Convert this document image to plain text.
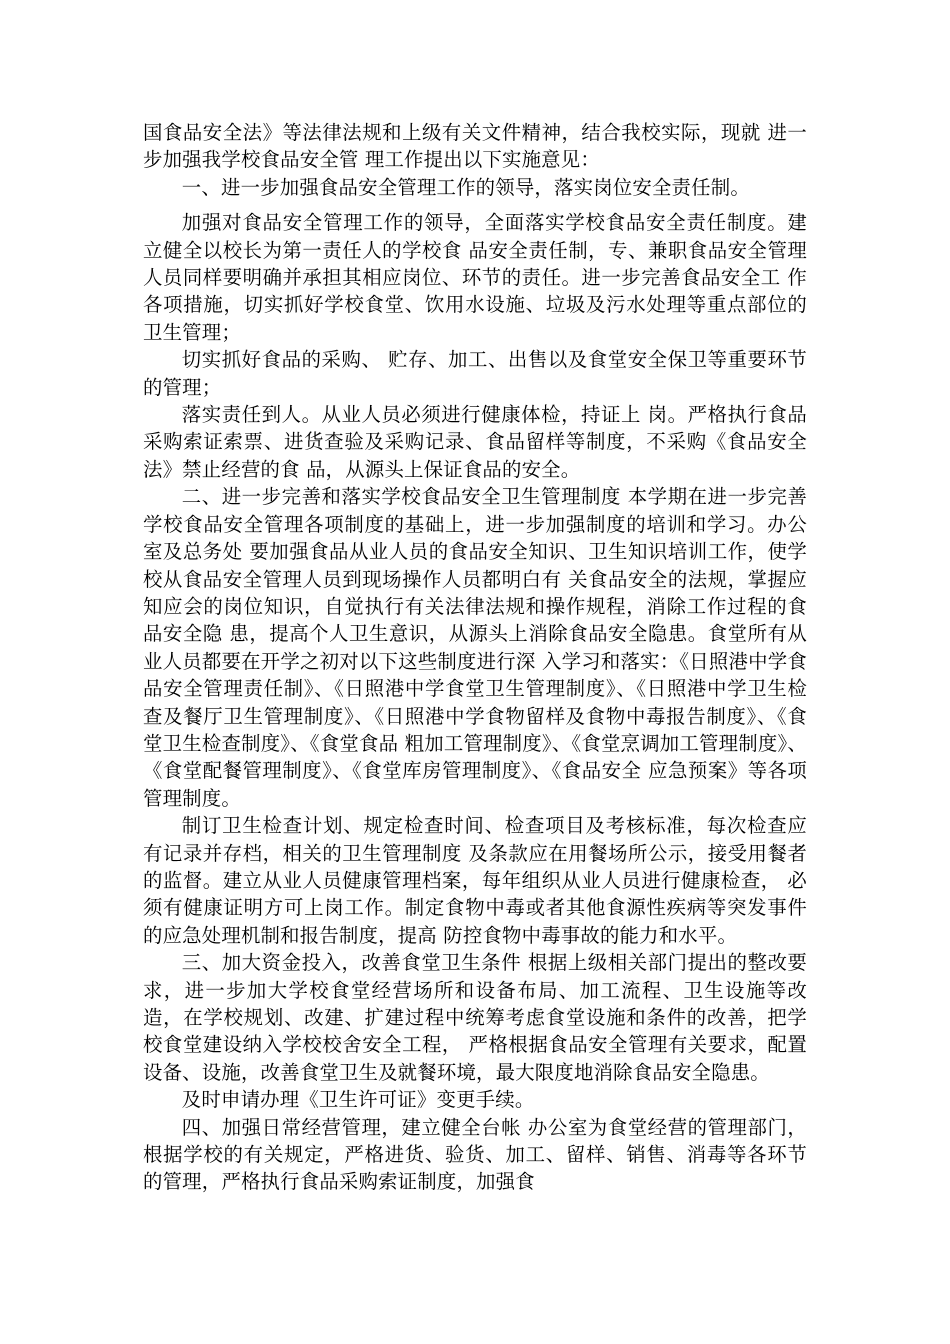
国食品安全法》等法律法规和上级有关文件精神，结合我校实际，现就 进一步加强我学校食品安全管 理工作提出以下实施意见：

一、进一步加强食品安全管理工作的领导，落实岗位安全责任制。

加强对食品安全管理工作的领导，全面落实学校食品安全责任制度。建立健全以校长为第一责任人的学校食 品安全责任制，专、兼职食品安全管理人员同样要明确并承担其相应岗位、环节的责任。进一步完善食品安全工 作各项措施，切实抓好学校食堂、饮用水设施、垃圾及污水处理等重点部位的卫生管理；

切实抓好食品的采购、 贮存、加工、出售以及食堂安全保卫等重要环节的管理；

落实责任到人。从业人员必须进行健康体检，持证上 岗。严格执行食品采购索证索票、进货查验及采购记录、食品留样等制度，不采购《食品安全法》禁止经营的食 品，从源头上保证食品的安全。

二、进一步完善和落实学校食品安全卫生管理制度 本学期在进一步完善学校食品安全管理各项制度的基础上，进一步加强制度的培训和学习。办公室及总务处 要加强食品从业人员的食品安全知识、卫生知识培训工作，使学校从食品安全管理人员到现场操作人员都明白有 关食品安全的法规，掌握应知应会的岗位知识，自觉执行有关法律法规和操作规程，消除工作过程的食品安全隐 患，提高个人卫生意识，从源头上消除食品安全隐患。食堂所有从业人员都要在开学之初对以下这些制度进行深 入学习和落实：《日照港中学食品安全管理责任制》、《日照港中学食堂卫生管理制度》、《日照港中学卫生检 查及餐厅卫生管理制度》、《日照港中学食物留样及食物中毒报告制度》、《食堂卫生检查制度》、《食堂食品 粗加工管理制度》、《食堂烹调加工管理制度》、《食堂配餐管理制度》、《食堂库房管理制度》、《食品安全 应急预案》等各项管理制度。

制订卫生检查计划、规定检查时间、检查项目及考核标准，每次检查应有记录并存档，相关的卫生管理制度 及条款应在用餐场所公示，接受用餐者的监督。建立从业人员健康管理档案，每年组织从业人员进行健康检查， 必须有健康证明方可上岗工作。制定食物中毒或者其他食源性疾病等突发事件的应急处理机制和报告制度，提高 防控食物中毒事故的能力和水平。

三、加大资金投入，改善食堂卫生条件 根据上级相关部门提出的整改要求，进一步加大学校食堂经营场所和设备布局、加工流程、卫生设施等改 造，在学校规划、改建、扩建过程中统筹考虑食堂设施和条件的改善，把学校食堂建设纳入学校校舍安全工程， 严格根据食品安全管理有关要求，配置设备、设施，改善食堂卫生及就餐环境，最大限度地消除食品安全隐患。

及时申请办理《卫生许可证》变更手续。

四、加强日常经营管理，建立健全台帐 办公室为食堂经营的管理部门，根据学校的有关规定，严格进货、验货、加工、留样、销售、消毒等各环节 的管理，严格执行食品采购索证制度，加强食
